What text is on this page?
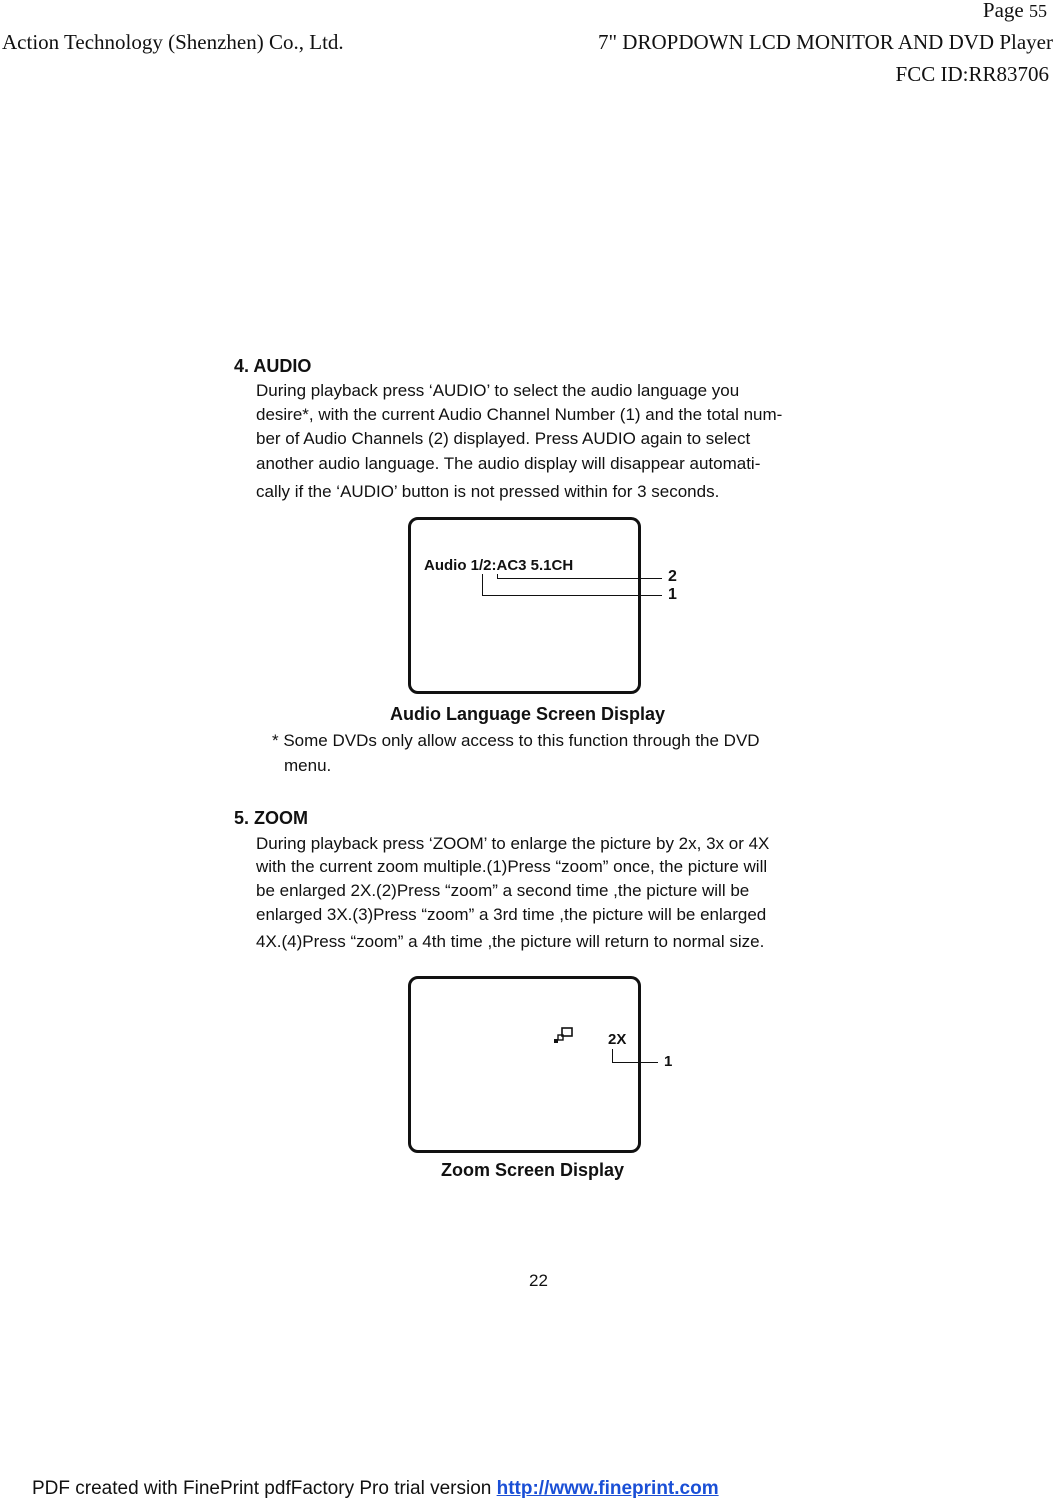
Page 55
Action Technology (Shenzhen) Co., Ltd.	7" DROPDOWN LCD MONITOR AND DVD Player
FCC ID:RR83706
4. AUDIO
During playback press ‘AUDIO’ to select the audio language you
desire*, with the current Audio Channel Number (1) and the total num-
ber of Audio Channels (2) displayed. Press AUDIO again to select
another audio language. The audio display will disappear automati-
cally if the ‘AUDIO’ button is not pressed within for 3 seconds.
Audio 1/2:AC3 5.1CH
2
1
Audio Language Screen Display
* Some DVDs only allow access to this function through the DVD
menu.
5. ZOOM
During playback press ‘ZOOM’ to enlarge the picture by 2x, 3x or 4X
with the current zoom multiple.(1)Press “zoom” once, the picture will
be enlarged 2X.(2)Press “zoom” a second time ,the picture will be
enlarged 3X.(3)Press “zoom” a 3rd time ,the picture will be enlarged
4X.(4)Press “zoom” a 4th time ,the picture will return to normal size.
2X
1
Zoom Screen Display
22
PDF created with FinePrint pdfFactory Pro trial version http://www.fineprint.com
